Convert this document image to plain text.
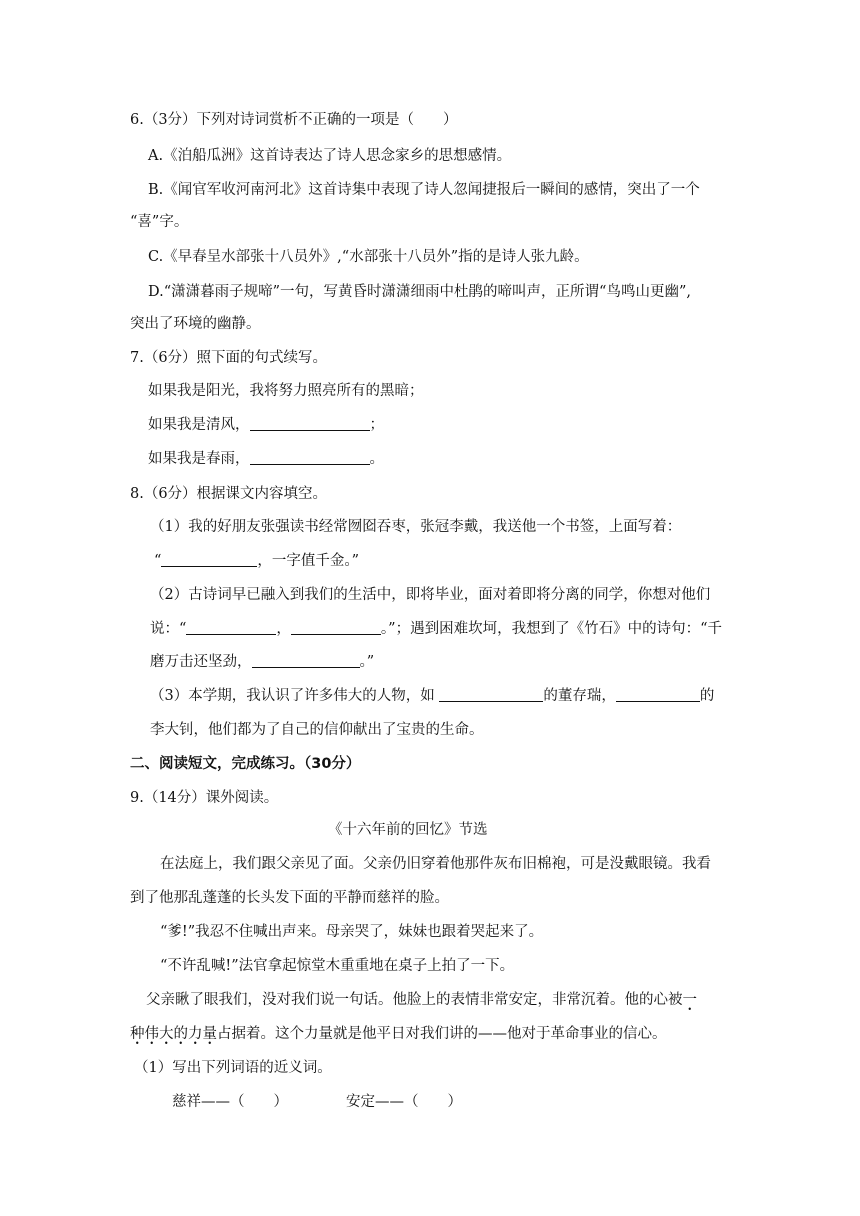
6.（3分）下列对诗词赏析不正确的一项是（　　）
A.《泊船瓜洲》这首诗表达了诗人思念家乡的思想感情。
B.《闻官军收河南河北》这首诗集中表现了诗人忽闻捷报后一瞬间的感情，突出了一个
“喜”字。
C.《早春呈水部张十八员外》,“水部张十八员外”指的是诗人张九龄。
D.“潇潇暮雨子规啼”一句，写黄昏时潇潇细雨中杜鹃的啼叫声，正所谓“鸟鸣山更幽”,
突出了环境的幽静。
7.（6分）照下面的句式续写。
如果我是阳光，我将努力照亮所有的黑暗；
如果我是清风，	；
如果我是春雨，	。
8.（6分）根据课文内容填空。
（1）我的好朋友张强读书经常囫囵吞枣，张冠李戴，我送他一个书签，上面写着：
“	，一字值千金。”
（2）古诗词早已融入到我们的生活中，即将毕业，面对着即将分离的同学，你想对他们
说：“	，	。”；遇到困难坎坷，我想到了《竹石》中的诗句：“千
磨万击还坚劲，	。”
（3）本学期，我认识了许多伟大的人物，如	的董存瑞，	的
李大钊，他们都为了自己的信仰献出了宝贵的生命。
二、阅读短文，完成练习。（30分）
9.（14分）课外阅读。
《十六年前的回忆》节选
在法庭上，我们跟父亲见了面。父亲仍旧穿着他那件灰布旧棉袍，可是没戴眼镜。我看
到了他那乱蓬蓬的长头发下面的平静而慈祥的脸。
“爹!”我忍不住喊出声来。母亲哭了，妹妹也跟着哭起来了。
“不许乱喊!”法官拿起惊堂木重重地在桌子上拍了一下。
父亲瞅了眼我们，没对我们说一句话。他脸上的表情非常安定，非常沉着。他的心被一
种伟大的力量占据着。这个力量就是他平日对我们讲的——他对于革命事业的信心。
（1）写出下列词语的近义词。
慈祥——（　　）	安定——（　　）
